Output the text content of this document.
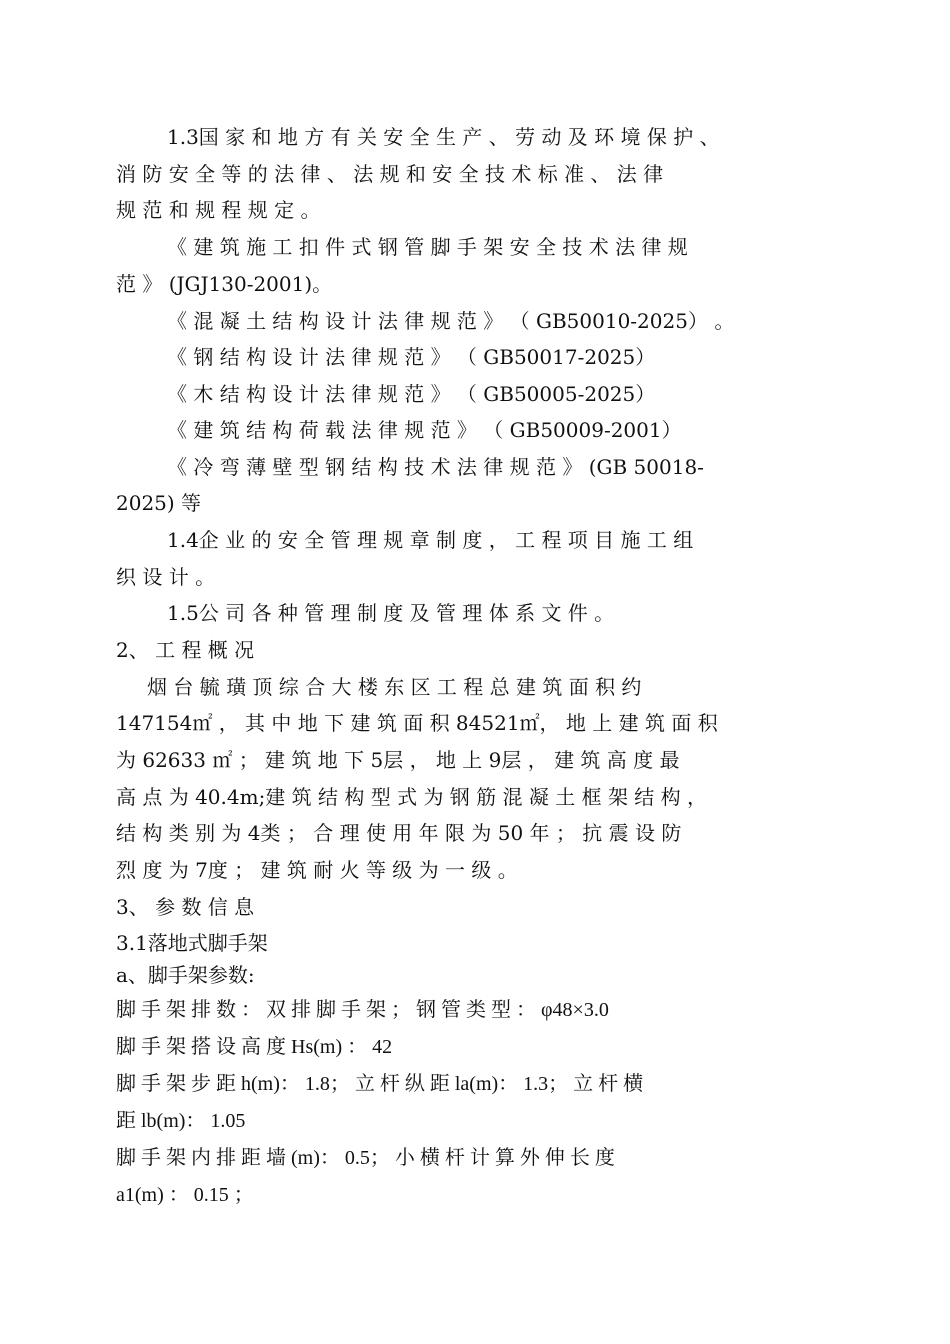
1.3国 家 和 地 方 有 关 安 全 生 产 、 劳 动 及 环 境 保 护 、
消 防 安 全 等 的 法 律 、 法 规 和 安 全 技 术 标 准 、 法 律
规 范 和 规 程 规 定 。
《 建 筑 施 工 扣 件 式 钢 管 脚 手 架 安 全 技 术 法 律 规
范 》 (JGJ130-2001)。
《 混 凝 土 结 构 设 计 法 律 规 范 》 （ GB50010-2025） 。
《 钢 结 构 设 计 法 律 规 范 》 （ GB50017-2025）
《 木 结 构 设 计 法 律 规 范 》 （ GB50005-2025）
《 建 筑 结 构 荷 载 法 律 规 范 》 （ GB50009-2001）
《 冷 弯 薄 壁 型 钢 结 构 技 术 法 律 规 范 》 (GB 50018-
2025) 等
1.4企 业 的 安 全 管 理 规 章 制 度 ， 工 程 项 目 施 工 组
织 设 计 。
1.5公 司 各 种 管 理 制 度 及 管 理 体 系 文 件 。
2、 工 程 概 况
烟 台 毓 璜 顶 综 合 大 楼 东 区 工 程 总 建 筑 面 积 约
147154㎡ ， 其 中 地 下 建 筑 面 积 84521㎡， 地 上 建 筑 面 积
为 62633 ㎡ ； 建 筑 地 下 5层 ， 地 上 9层 ， 建 筑 高 度 最
高 点 为 40.4m;建 筑 结 构 型 式 为 钢 筋 混 凝 土 框 架 结 构 ，
结 构 类 别 为 4类 ； 合 理 使 用 年 限 为 50 年 ； 抗 震 设 防
烈 度 为 7度 ； 建 筑 耐 火 等 级 为 一 级 。
3、 参 数 信 息
3.1落地式脚手架
a、脚手架参数:
脚 手 架 排 数 ： 双 排 脚 手 架 ； 钢 管 类 型 ： φ48×3.0
脚 手 架 搭 设 高 度 Hs(m) ： 42
脚 手 架 步 距 h(m)： 1.8； 立 杆 纵 距 la(m)： 1.3； 立 杆 横
距 lb(m)： 1.05
脚 手 架 内 排 距 墙 (m)： 0.5； 小 横 杆 计 算 外 伸 长 度
a1(m) ： 0.15 ；
